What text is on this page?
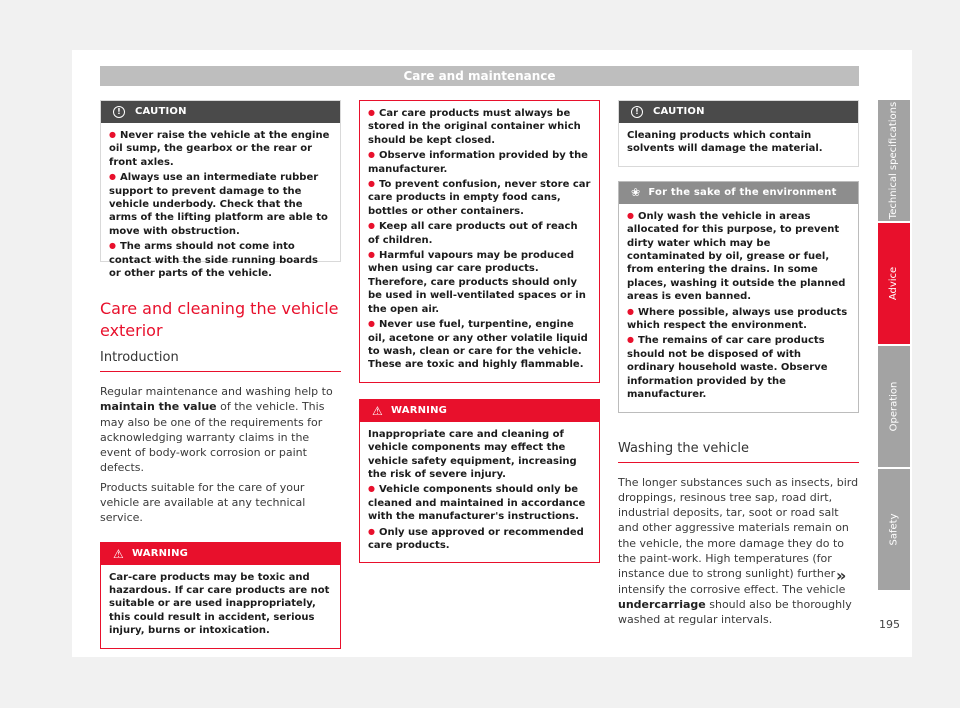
Care and maintenance
!	CAUTION
● Never raise the vehicle at the engine oil sump, the gearbox or the rear or front axles.
● Always use an intermediate rubber support to prevent damage to the vehicle underbody. Check that the arms of the lifting platform are able to move with obstruction.
● The arms should not come into contact with the side running boards or other parts of the vehicle.
Care and cleaning the vehicle exterior
Introduction
Regular maintenance and washing help to maintain the value of the vehicle. This may also be one of the requirements for acknowledging warranty claims in the event of body-work corrosion or paint defects.
Products suitable for the care of your vehicle are available at any technical service.
⚠ WARNING
Car-care products may be toxic and hazardous. If car care products are not suitable or are used inappropriately, this could result in accident, serious injury, burns or intoxication.
● Car care products must always be stored in the original container which should be kept closed.
● Observe information provided by the manufacturer.
● To prevent confusion, never store car care products in empty food cans, bottles or other containers.
● Keep all care products out of reach of children.
● Harmful vapours may be produced when using car care products. Therefore, care products should only be used in well-ventilated spaces or in the open air.
● Never use fuel, turpentine, engine oil, acetone or any other volatile liquid to wash, clean or care for the vehicle. These are toxic and highly flammable.
⚠ WARNING
Inappropriate care and cleaning of vehicle components may effect the vehicle safety equipment, increasing the risk of severe injury.
● Vehicle components should only be cleaned and maintained in accordance with the manufacturer's instructions.
● Only use approved or recommended care products.
!	CAUTION
Cleaning products which contain solvents will damage the material.
❀ For the sake of the environment
● Only wash the vehicle in areas allocated for this purpose, to prevent dirty water which may be contaminated by oil, grease or fuel, from entering the drains. In some places, washing it outside the planned areas is even banned.
● Where possible, always use products which respect the environment.
● The remains of car care products should not be disposed of with ordinary household waste. Observe information provided by the manufacturer.
Washing the vehicle
The longer substances such as insects, bird droppings, resinous tree sap, road dirt, industrial deposits, tar, soot or road salt and other aggressive materials remain on the vehicle, the more damage they do to the paint-work. High temperatures (for instance due to strong sunlight) further intensify the corrosive effect. The vehicle undercarriage should also be thoroughly washed at regular intervals.
»
Technical specifications
Advice
Operation
Safety
195
